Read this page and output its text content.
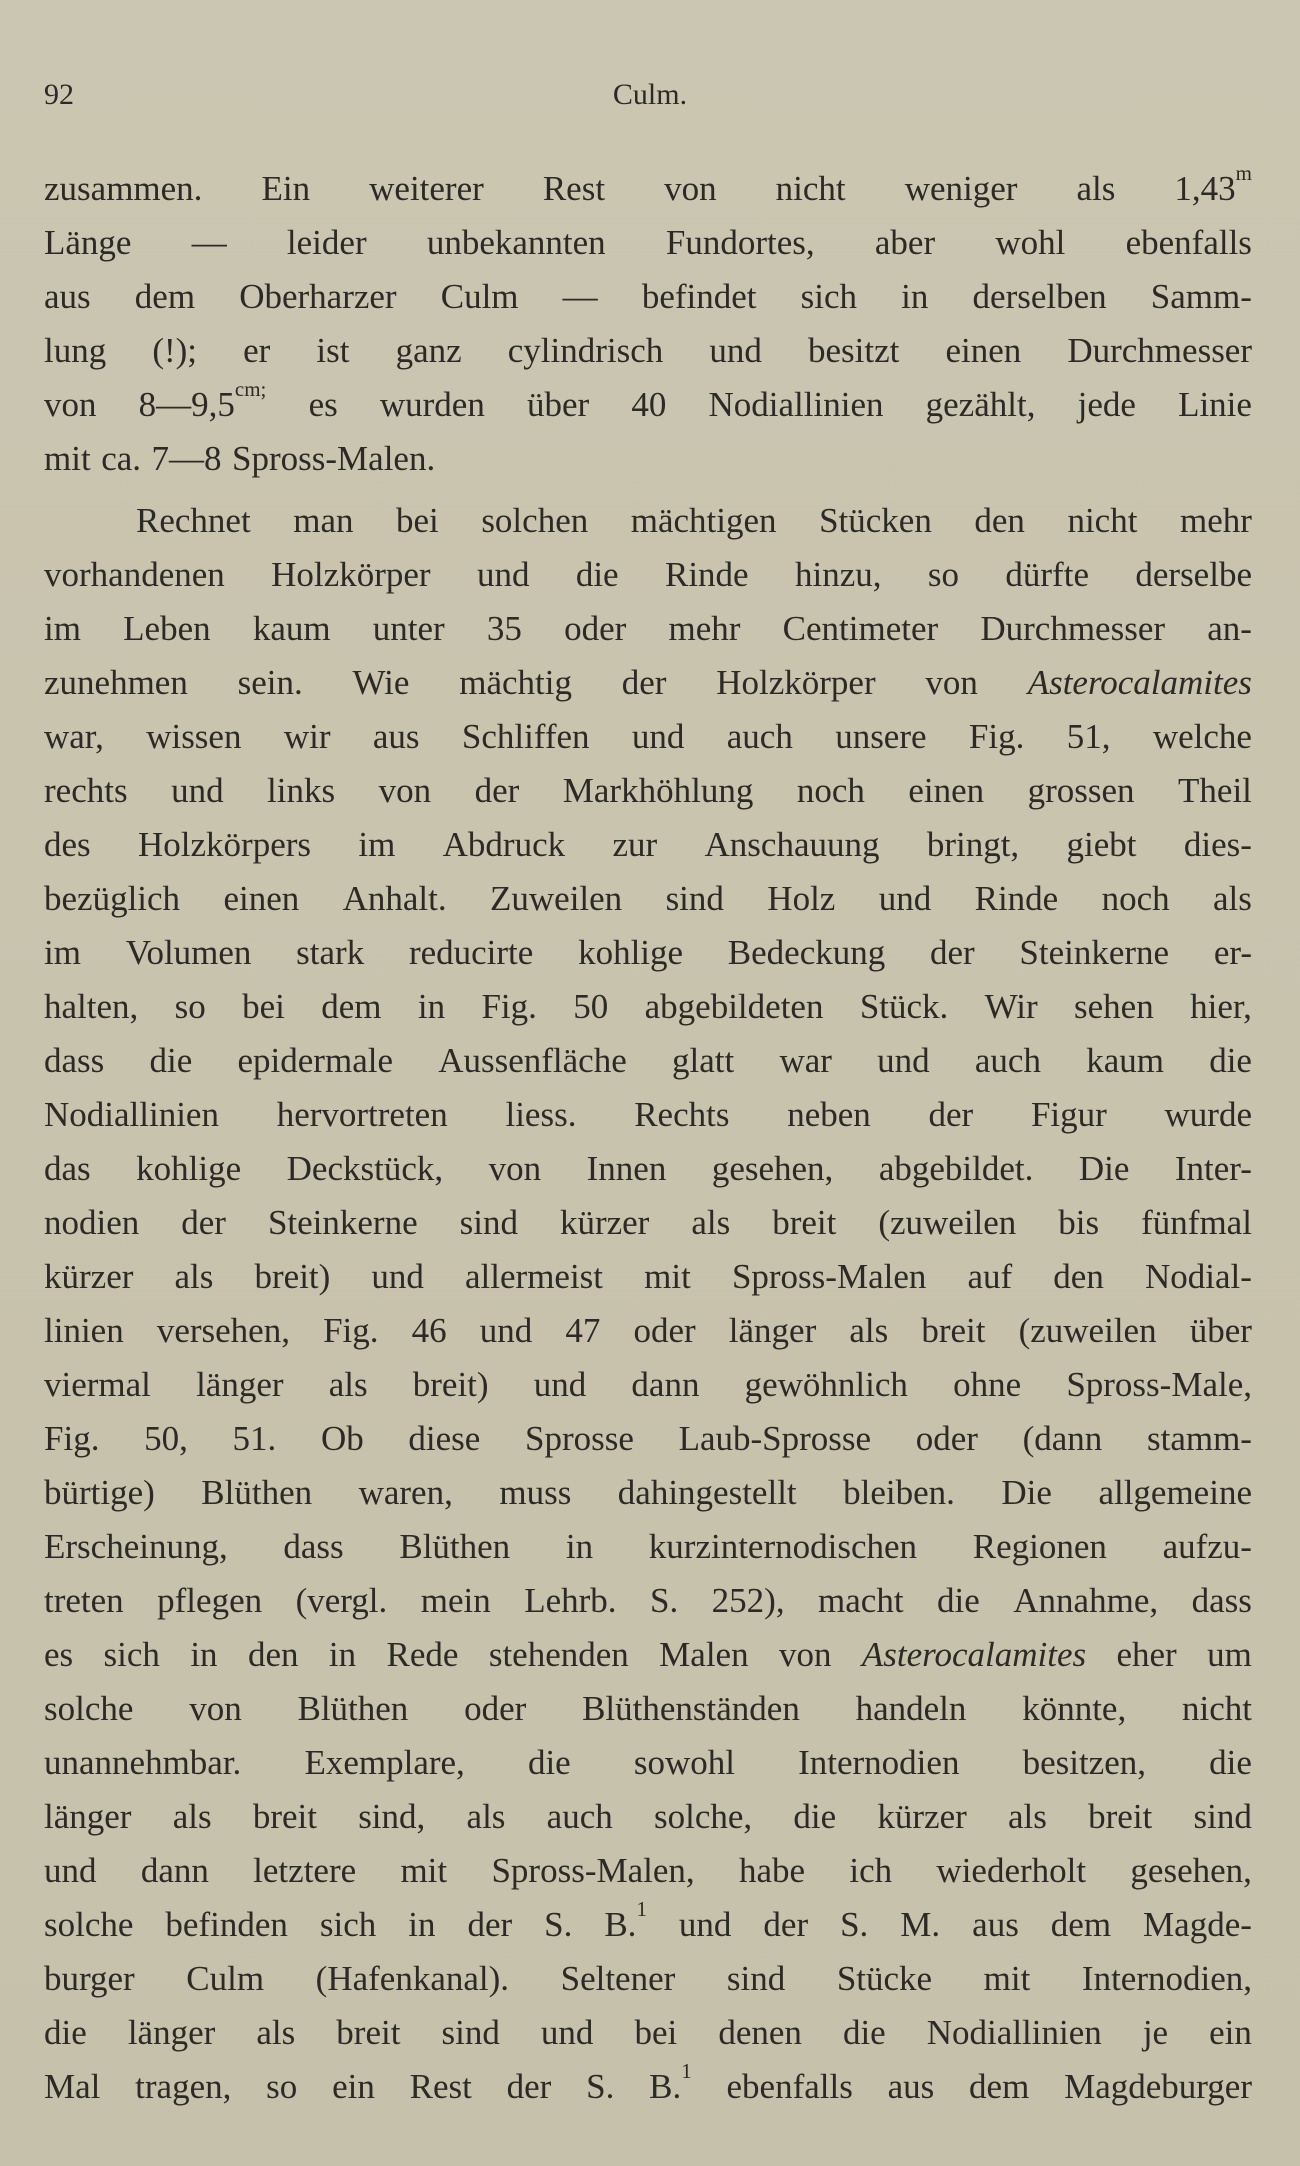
92	Culm.
zusammen. Ein weiterer Rest von nicht weniger als 1,43$^m$
Länge — leider unbekannten Fundortes, aber wohl ebenfalls
aus dem Oberharzer Culm — befindet sich in derselben Samm-
lung (!); er ist ganz cylindrisch und besitzt einen Durchmesser
von $8—9,5^{cm;}$ es wurden über 40 Nodiallinien gezählt, jede Linie
mit ca. 7—8 Spross-Malen.
Rechnet man bei solchen mächtigen Stücken den nicht mehr
vorhandenen Holzkörper und die Rinde hinzu, so dürfte derselbe
im Leben kaum unter 35 oder mehr Centimeter Durchmesser an-
zunehmen sein. Wie mächtig der Holzkörper von Asterocalamites
war, wissen wir aus Schliffen und auch unsere Fig. 51, welche
rechts und links von der Markhöhlung noch einen grossen Theil
des Holzkörpers im Abdruck zur Anschauung bringt, giebt dies-
bezüglich einen Anhalt. Zuweilen sind Holz und Rinde noch als
im Volumen stark reducirte kohlige Bedeckung der Steinkerne er-
halten, so bei dem in Fig. 50 abgebildeten Stück. Wir sehen hier,
dass die epidermale Aussenfläche glatt war und auch kaum die
Nodiallinien hervortreten liess. Rechts neben der Figur wurde
das kohlige Deckstück, von Innen gesehen, abgebildet. Die Inter-
nodien der Steinkerne sind kürzer als breit (zuweilen bis fünfmal
kürzer als breit) und allermeist mit Spross-Malen auf den Nodial-
linien versehen, Fig. 46 und 47 oder länger als breit (zuweilen über
viermal länger als breit) und dann gewöhnlich ohne Spross-Male,
Fig. 50, 51. Ob diese Sprosse Laub-Sprosse oder (dann stamm-
bürtige) Blüthen waren, muss dahingestellt bleiben. Die allgemeine
Erscheinung, dass Blüthen in kurzinternodischen Regionen aufzu-
treten pflegen (vergl. mein Lehrb. S. 252), macht die Annahme, dass
es sich in den in Rede stehenden Malen von Asterocalamites eher um
solche von Blüthen oder Blüthenständen handeln könnte, nicht
unannehmbar. Exemplare, die sowohl Internodien besitzen, die
länger als breit sind, als auch solche, die kürzer als breit sind
und dann letztere mit Spross-Malen, habe ich wiederholt gesehen,
solche befinden sich in der S. B.$^1$ und der S. M. aus dem Magde-
burger Culm (Hafenkanal). Seltener sind Stücke mit Internodien,
die länger als breit sind und bei denen die Nodiallinien je ein
Mal tragen, so ein Rest der S. B.$^1$ ebenfalls aus dem Magdeburger
